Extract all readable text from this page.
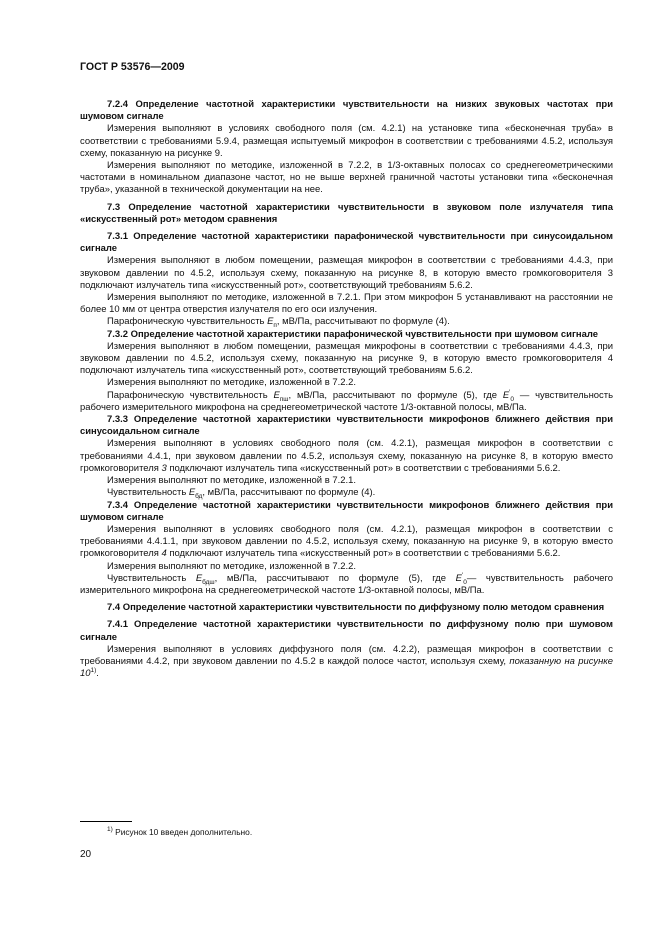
ГОСТ Р 53576—2009

7.2.4 Определение частотной характеристики чувствительности на низких звуковых частотах при шумовом сигнале

Измерения выполняют в условиях свободного поля (см. 4.2.1) на установке типа «бесконечная труба» в соответствии с требованиями 5.9.4, размещая испытуемый микрофон в соответствии с требованиями 4.5.2, используя схему, показанную на рисунке 9.

Измерения выполняют по методике, изложенной в 7.2.2, в 1/3-октавных полосах со среднегеометрическими частотами в номинальном диапазоне частот, но не выше верхней граничной частоты установки типа «бесконечная труба», указанной в технической документации на нее.

7.3 Определение частотной характеристики чувствительности в звуковом поле излучателя типа «искусственный рот» методом сравнения

7.3.1 Определение частотной характеристики парафонической чувствительности при синусоидальном сигнале

Измерения выполняют в любом помещении, размещая микрофон в соответствии с требованиями 4.4.3, при звуковом давлении по 4.5.2, используя схему, показанную на рисунке 8, в которую вместо громкоговорителя 3 подключают излучатель типа «искусственный рот», соответствующий требованиям 5.6.2.

Измерения выполняют по методике, изложенной в 7.2.1. При этом микрофон 5 устанавливают на расстоянии не более 10 мм от центра отверстия излучателя по его оси излучения.

Парафоническую чувствительность $E_п$, мВ/Па, рассчитывают по формуле (4).

7.3.2 Определение частотной характеристики парафонической чувствительности при шумовом сигнале

Измерения выполняют в любом помещении, размещая микрофоны в соответствии с требованиями 4.4.3, при звуковом давлении по 4.5.2, используя схему, показанную на рисунке 9, в которую вместо громкоговорителя 4 подключают излучатель типа «искусственный рот», соответствующий требованиям 5.6.2.

Измерения выполняют по методике, изложенной в 7.2.2.

Парафоническую чувствительность $E_{пш}$, мВ/Па, рассчитывают по формуле (5), где $E'_0$ — чувствительность рабочего измерительного микрофона на среднегеометрической частоте 1/3-октавной полосы, мВ/Па.

7.3.3 Определение частотной характеристики чувствительности микрофонов ближнего действия при синусоидальном сигнале

Измерения выполняют в условиях свободного поля (см. 4.2.1), размещая микрофон в соответствии с требованиями 4.4.1, при звуковом давлении по 4.5.2, используя схему, показанную на рисунке 8, в которую вместо громкоговорителя 3 подключают излучатель типа «искусственный рот» в соответствии с требованиями 5.6.2.

Измерения выполняют по методике, изложенной в 7.2.1.

Чувствительность $E_{бд}$, мВ/Па, рассчитывают по формуле (4).

7.3.4 Определение частотной характеристики чувствительности микрофонов ближнего действия при шумовом сигнале

Измерения выполняют в условиях свободного поля (см. 4.2.1), размещая микрофон в соответствии с требованиями 4.4.1.1, при звуковом давлении по 4.5.2, используя схему, показанную на рисунке 9, в которую вместо громкоговорителя 4 подключают излучатель типа «искусственный рот» в соответствии с требованиями 5.6.2.

Измерения выполняют по методике, изложенной в 7.2.2.

Чувствительность $E_{бдш}$, мВ/Па, рассчитывают по формуле (5), где $E'_0—$ чувствительность рабочего измерительного микрофона на среднегеометрической частоте 1/3-октавной полосы, мВ/Па.

7.4 Определение частотной характеристики чувствительности по диффузному полю методом сравнения

7.4.1 Определение частотной характеристики чувствительности по диффузному полю при шумовом сигнале

Измерения выполняют в условиях диффузного поля (см. 4.2.2), размещая микрофон в соответствии с требованиями 4.4.2, при звуковом давлении по 4.5.2 в каждой полосе частот, используя схему, показанную на рисунке 10$^{1)}$.

$^{1)}$ Рисунок 10 введен дополнительно.
20
